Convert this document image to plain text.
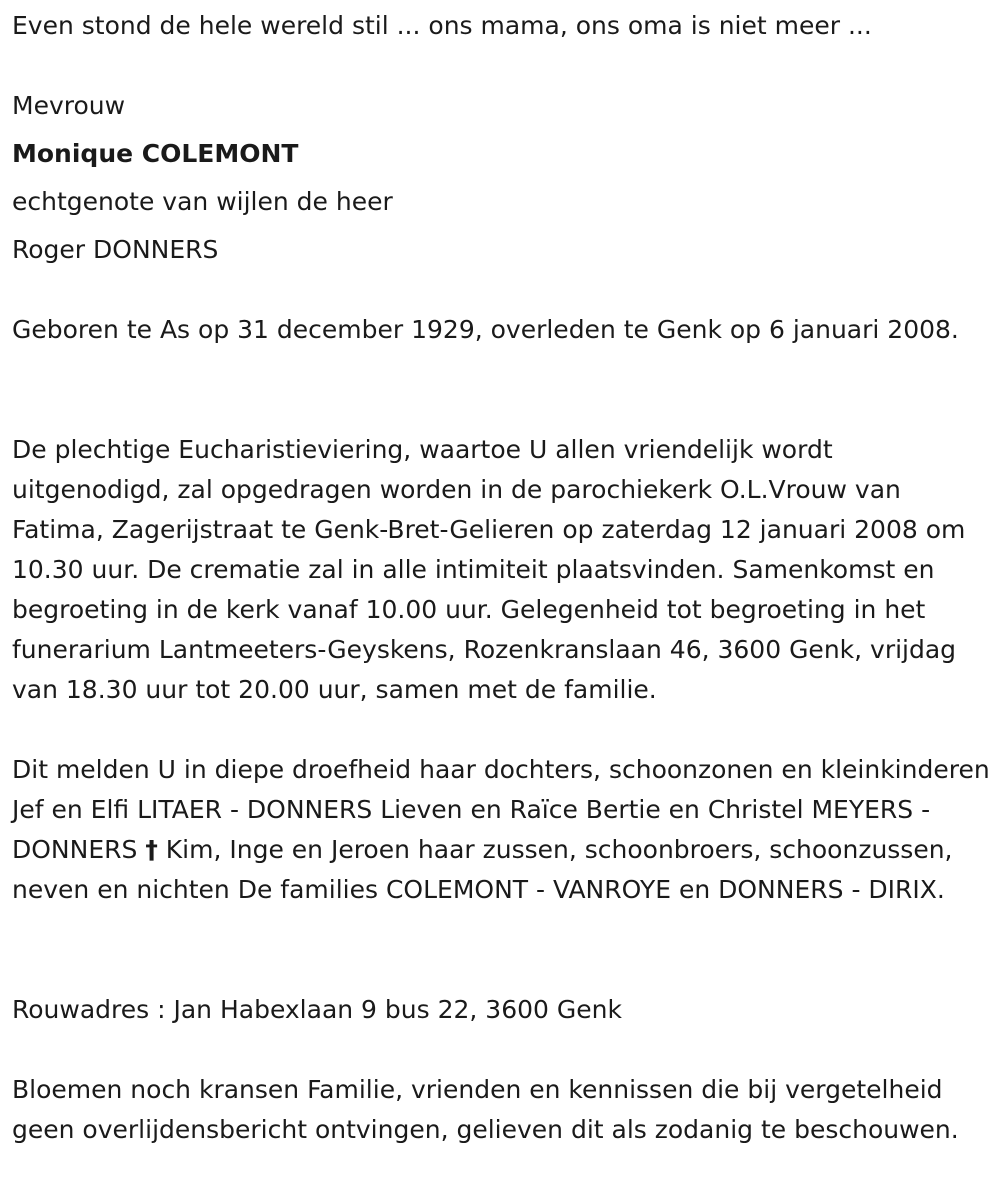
Even stond de hele wereld stil ... ons mama, ons oma is niet meer ...
Mevrouw
Monique COLEMONT
echtgenote van wijlen de heer
Roger DONNERS
Geboren te As op 31 december 1929, overleden te Genk op 6 januari 2008.
De plechtige Eucharistieviering, waartoe U allen vriendelijk wordt uitgenodigd, zal opgedragen worden in de parochiekerk O.L.Vrouw van Fatima, Zagerijstraat te Genk-Bret-Gelieren op zaterdag 12 januari 2008 om 10.30 uur. De crematie zal in alle intimiteit plaatsvinden. Samenkomst en begroeting in de kerk vanaf 10.00 uur. Gelegenheid tot begroeting in het funerarium Lantmeeters-Geyskens, Rozenkranslaan 46, 3600 Genk, vrijdag van 18.30 uur tot 20.00 uur, samen met de familie.
Dit melden U in diepe droefheid haar dochters, schoonzonen en kleinkinderen Jef en Elfi LITAER - DONNERS Lieven en Raïce Bertie en Christel MEYERS - DONNERS † Kim, Inge en Jeroen haar zussen, schoonbroers, schoonzussen, neven en nichten De families COLEMONT - VANROYE en DONNERS - DIRIX.
Rouwadres : Jan Habexlaan 9 bus 22, 3600 Genk
Bloemen noch kransen Familie, vrienden en kennissen die bij vergetelheid geen overlijdensbericht ontvingen, gelieven dit als zodanig te beschouwen.
